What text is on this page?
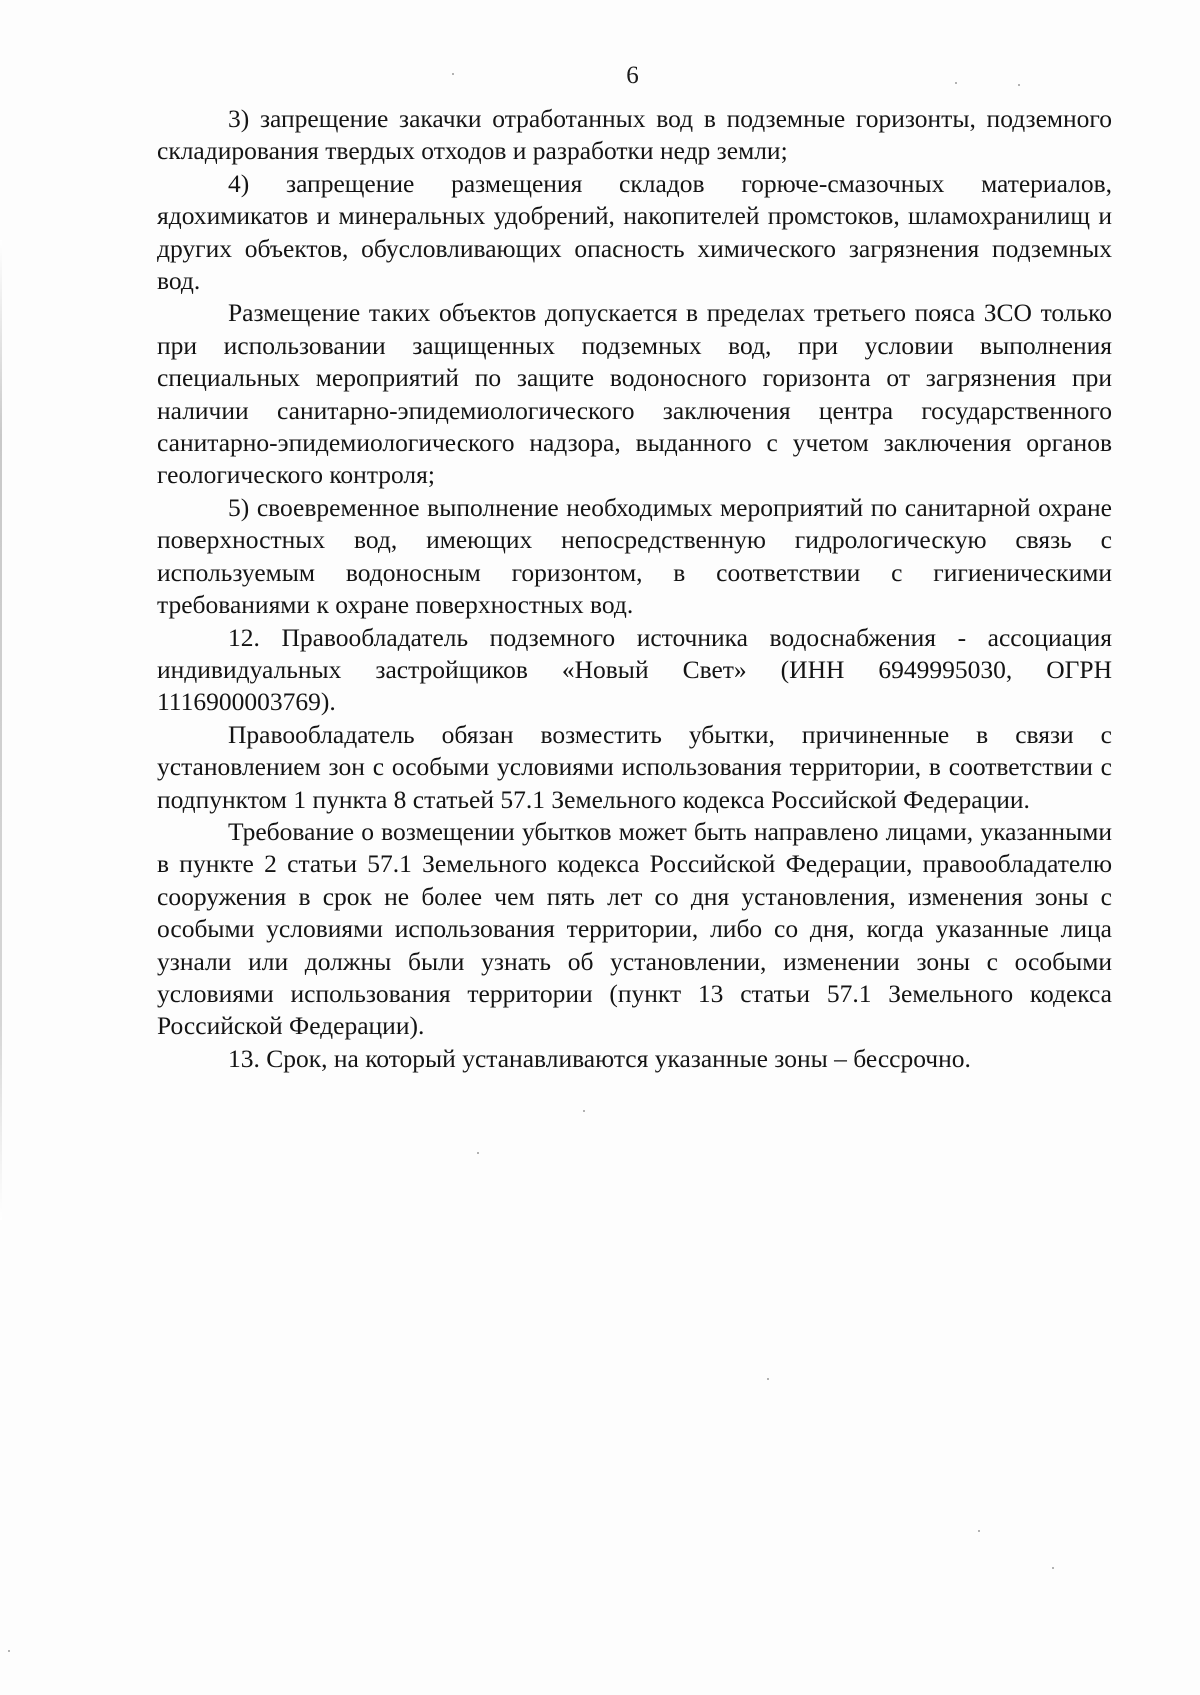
6

3) запрещение закачки отработанных вод в подземные горизонты, подземного складирования твердых отходов и разработки недр земли;

4) запрещение размещения складов горюче-смазочных материалов, ядохимикатов и минеральных удобрений, накопителей промстоков, шламохранилищ и других объектов, обусловливающих опасность химического загрязнения подземных вод.

Размещение таких объектов допускается в пределах третьего пояса ЗСО только при использовании защищенных подземных вод, при условии выполнения специальных мероприятий по защите водоносного горизонта от загрязнения при наличии санитарно-эпидемиологического заключения центра государственного санитарно-эпидемиологического надзора, выданного с учетом заключения органов геологического контроля;

5) своевременное выполнение необходимых мероприятий по санитарной охране поверхностных вод, имеющих непосредственную гидрологическую связь с используемым водоносным горизонтом, в соответствии с гигиеническими требованиями к охране поверхностных вод.

12. Правообладатель подземного источника водоснабжения - ассоциация индивидуальных застройщиков «Новый Свет» (ИНН 6949995030, ОГРН 1116900003769).

Правообладатель обязан возместить убытки, причиненные в связи с установлением зон с особыми условиями использования территории, в соответствии с подпунктом 1 пункта 8 статьей 57.1 Земельного кодекса Российской Федерации.

Требование о возмещении убытков может быть направлено лицами, указанными в пункте 2 статьи 57.1 Земельного кодекса Российской Федерации, правообладателю сооружения в срок не более чем пять лет со дня установления, изменения зоны с особыми условиями использования территории, либо со дня, когда указанные лица узнали или должны были узнать об установлении, изменении зоны с особыми условиями использования территории (пункт 13 статьи 57.1 Земельного кодекса Российской Федерации).

13. Срок, на который устанавливаются указанные зоны – бессрочно.
